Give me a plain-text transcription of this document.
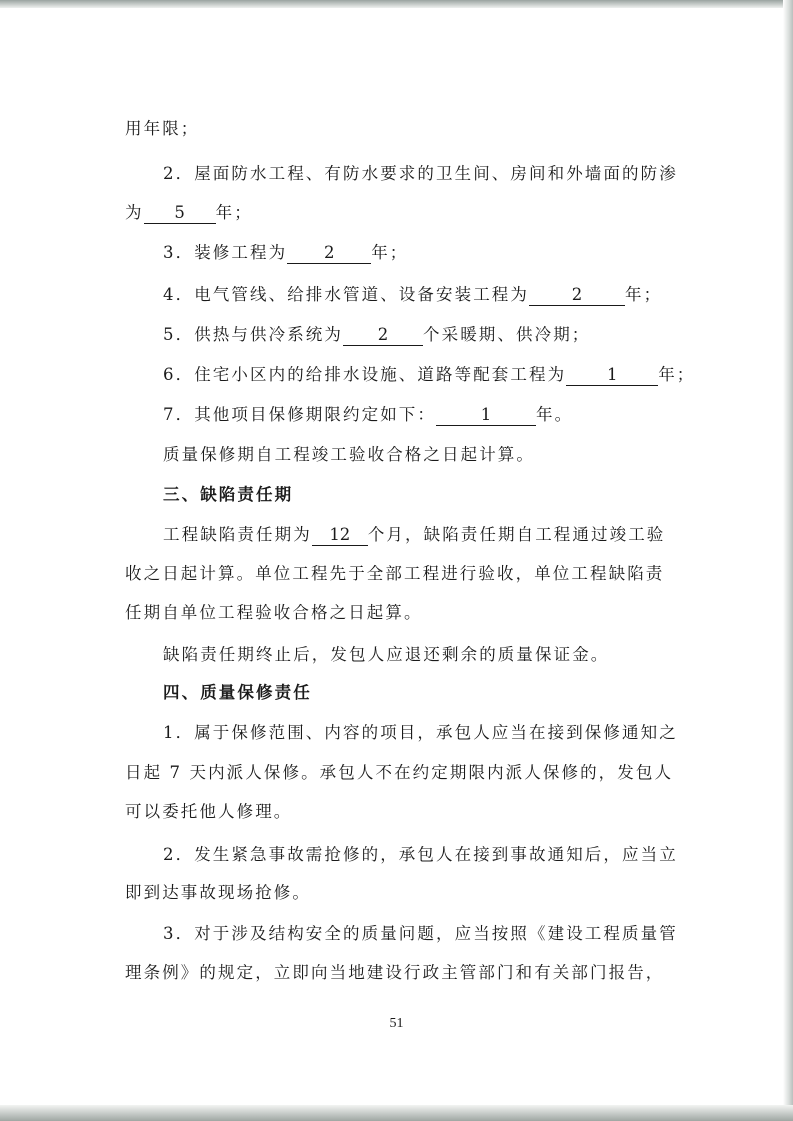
用年限；
2．屋面防水工程、有防水要求的卫生间、房间和外墙面的防渗
为 5 年；
3．装修工程为 2 年；
4．电气管线、给排水管道、设备安装工程为	2	年；
5．供热与供冷系统为 2 个采暖期、供冷期；
6．住宅小区内的给排水设施、道路等配套工程为 1 年；
7．其他项目保修期限约定如下：	1	年。
质量保修期自工程竣工验收合格之日起计算。
三、缺陷责任期
工程缺陷责任期为 12 个月，缺陷责任期自工程通过竣工验
收之日起计算。单位工程先于全部工程进行验收，单位工程缺陷责
任期自单位工程验收合格之日起算。
缺陷责任期终止后，发包人应退还剩余的质量保证金。
四、质量保修责任
1．属于保修范围、内容的项目，承包人应当在接到保修通知之
日起 7 天内派人保修。承包人不在约定期限内派人保修的，发包人
可以委托他人修理。
2．发生紧急事故需抢修的，承包人在接到事故通知后，应当立
即到达事故现场抢修。
3．对于涉及结构安全的质量问题，应当按照《建设工程质量管
理条例》的规定，立即向当地建设行政主管部门和有关部门报告，
51
